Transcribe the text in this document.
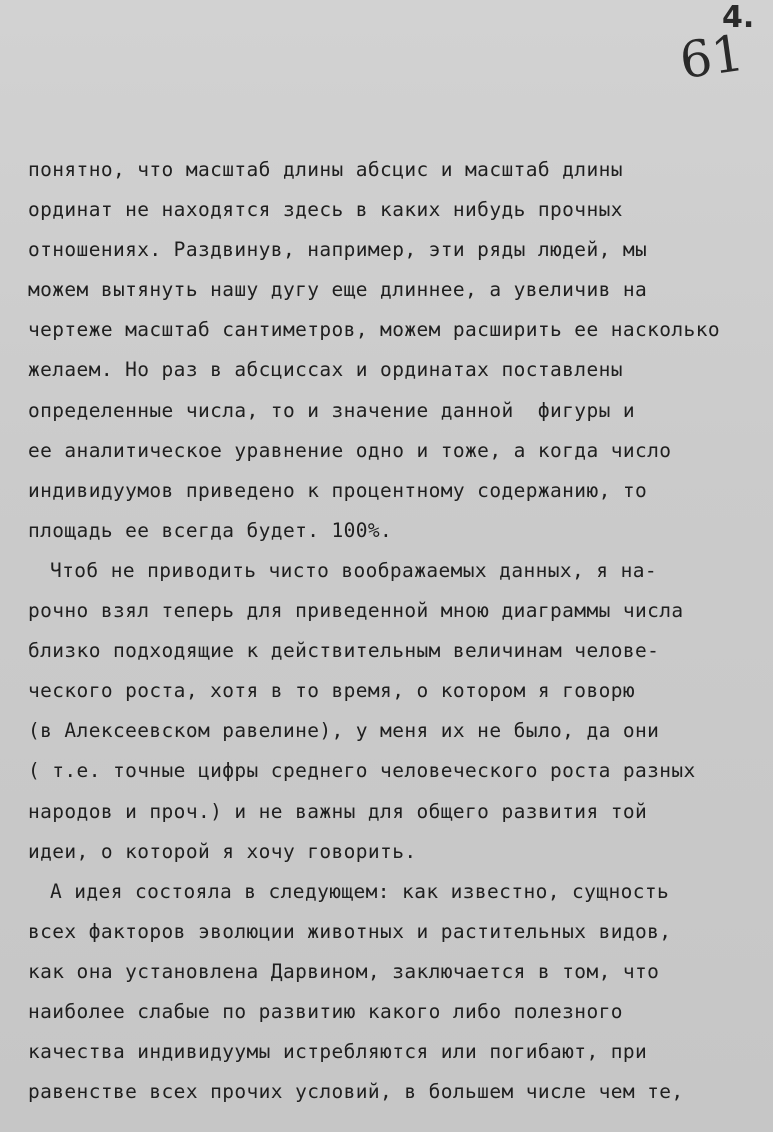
4.
61
понятно, что масштаб длины абсцис и масштаб длины
ординат не находятся здесь в каких нибудь прочных
отношениях. Раздвинув, например, эти ряды людей, мы
можем вытянуть нашу дугу еще длиннее, а увеличив на
чертеже масштаб сантиметров, можем расширить ее насколько
желаем. Но раз в абсциссах и ординатах поставлены
определенные числа, то и значение данной  фигуры и
ее аналитическое уравнение одно и тоже, а когда число
индивидуумов приведено к процентному содержанию, то
площадь ее всегда будет. 100%.
Чтоб не приводить чисто воображаемых данных, я на-
рочно взял теперь для приведенной мною диаграммы числа
близко подходящие к действительным величинам челове-
ческого роста, хотя в то время, о котором я говорю
(в Алексеевском равелине), у меня их не было, да они
( т.е. точные цифры среднего человеческого роста разных
народов и проч.) и не важны для общего развития той
идеи, о которой я хочу говорить.
А идея состояла в следующем: как известно, сущность
всех факторов эволюции животных и растительных видов,
как она установлена Дарвином, заключается в том, что
наиболее слабые по развитию какого либо полезного
качества индивидуумы истребляются или погибают, при
равенстве всех прочих условий, в большем числе чем те,
